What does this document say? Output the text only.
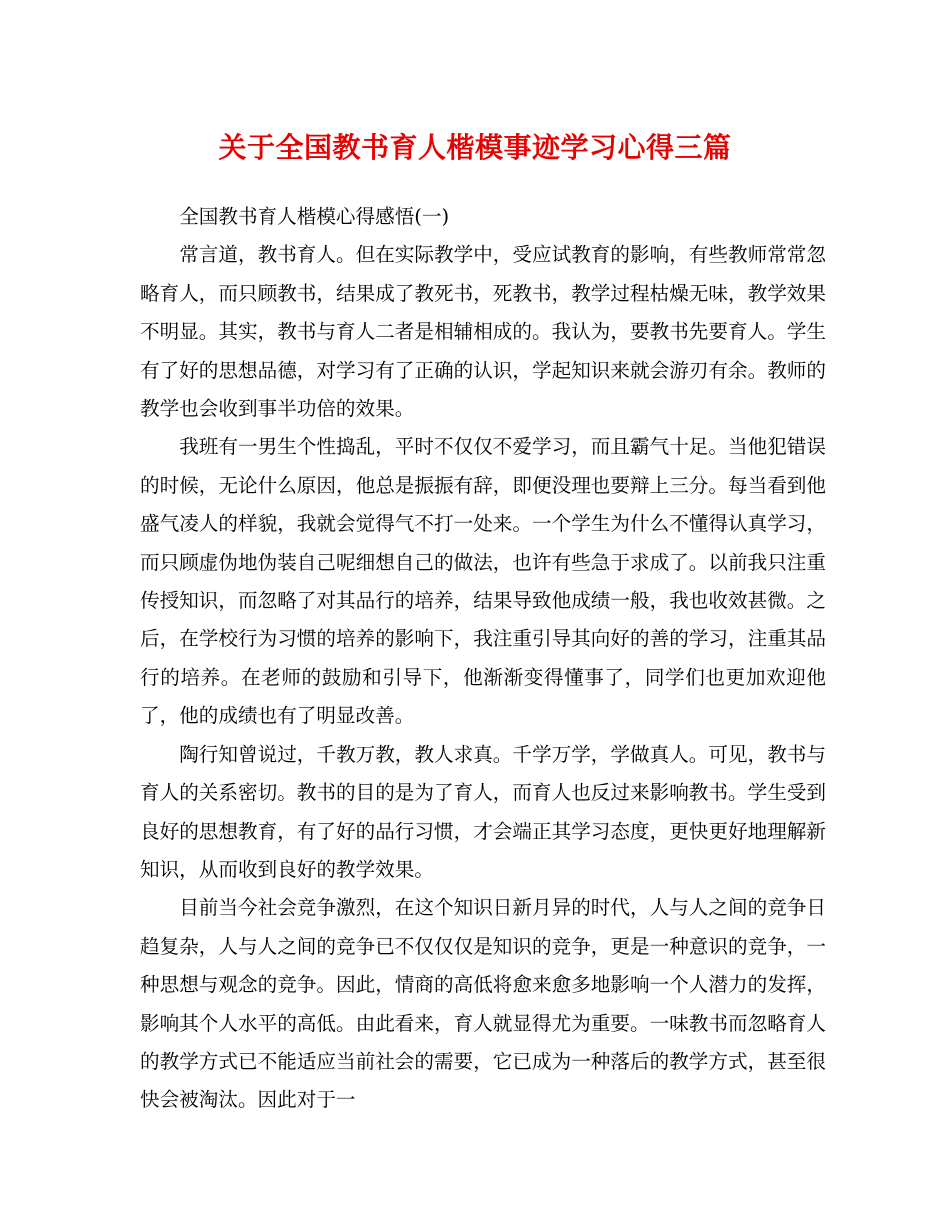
关于全国教书育人楷模事迹学习心得三篇

全国教书育人楷模心得感悟(一)

常言道，教书育人。但在实际教学中，受应试教育的影响，有些教师常常忽略育人，而只顾教书，结果成了教死书，死教书，教学过程枯燥无味，教学效果不明显。其实，教书与育人二者是相辅相成的。我认为，要教书先要育人。学生有了好的思想品德，对学习有了正确的认识，学起知识来就会游刃有余。教师的教学也会收到事半功倍的效果。

我班有一男生个性捣乱，平时不仅仅不爱学习，而且霸气十足。当他犯错误的时候，无论什么原因，他总是振振有辞，即便没理也要辩上三分。每当看到他盛气凌人的样貌，我就会觉得气不打一处来。一个学生为什么不懂得认真学习，而只顾虚伪地伪装自己呢细想自己的做法，也许有些急于求成了。以前我只注重传授知识，而忽略了对其品行的培养，结果导致他成绩一般，我也收效甚微。之后，在学校行为习惯的培养的影响下，我注重引导其向好的善的学习，注重其品行的培养。在老师的鼓励和引导下，他渐渐变得懂事了，同学们也更加欢迎他了，他的成绩也有了明显改善。

陶行知曾说过，千教万教，教人求真。千学万学，学做真人。可见，教书与育人的关系密切。教书的目的是为了育人，而育人也反过来影响教书。学生受到良好的思想教育，有了好的品行习惯，才会端正其学习态度，更快更好地理解新知识，从而收到良好的教学效果。

目前当今社会竞争激烈，在这个知识日新月异的时代，人与人之间的竞争日趋复杂，人与人之间的竞争已不仅仅仅是知识的竞争，更是一种意识的竞争，一种思想与观念的竞争。因此，情商的高低将愈来愈多地影响一个人潜力的发挥，影响其个人水平的高低。由此看来，育人就显得尤为重要。一味教书而忽略育人的教学方式已不能适应当前社会的需要，它已成为一种落后的教学方式，甚至很快会被淘汰。因此对于一
